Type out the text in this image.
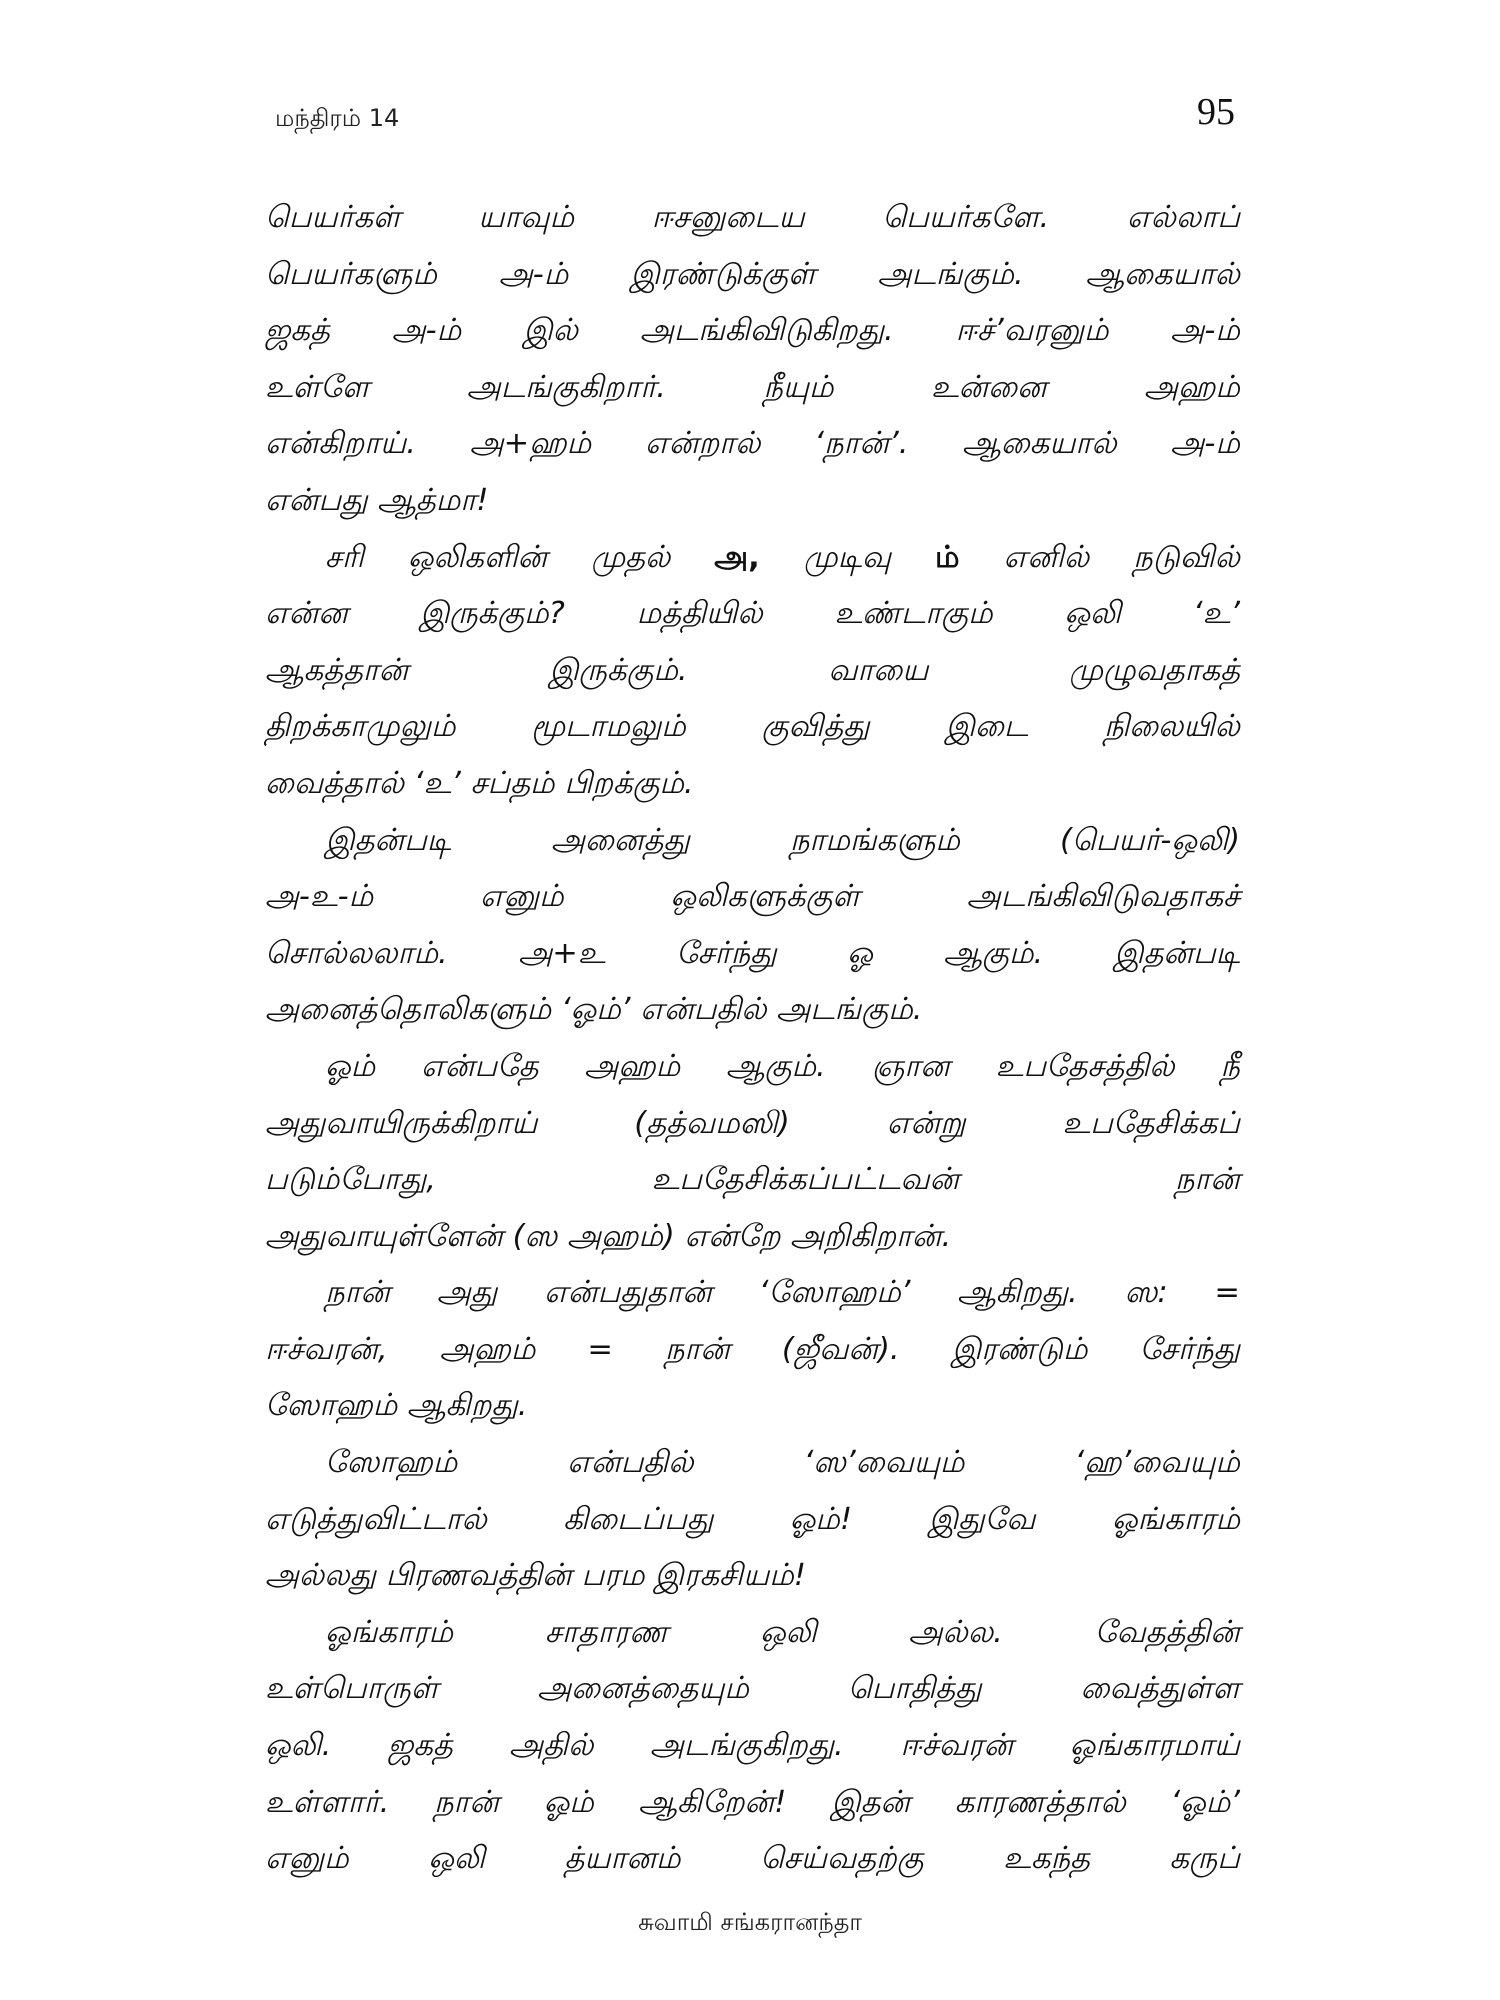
மந்திரம் 14	95
பெயர்கள்	யாவும்	ஈசனுடைய	பெயர்களே.	எல்லாப்
பெயர்களும் அ-ம் இரண்டுக்குள் அடங்கும். ஆகையால்
ஜகத் அ-ம் இல் அடங்கிவிடுகிறது. ஈச்’வரனும் அ-ம்
உள்ளே	அடங்குகிறார்.	நீயும்	உன்னை	அஹம்
என்கிறாய். அ+ஹம் என்றால் ‘நான்’. ஆகையால் அ-ம்
என்பது ஆத்மா!
சரி ஒலிகளின் முதல் அ, முடிவு ம் எனில் நடுவில்
என்ன இருக்கும்? மத்தியில் உண்டாகும் ஒலி ‘உ’
ஆகத்தான்	இருக்கும்.	வாயை	முழுவதாகத்
திறக்காமுலும் மூடாமலும் குவித்து இடை நிலையில்
வைத்தால் ‘உ’ சப்தம் பிறக்கும்.
இதன்படி	அனைத்து	நாமங்களும்	(பெயர்-ஒலி)
அ-உ-ம்	எனும்	ஒலிகளுக்குள்	அடங்கிவிடுவதாகச்
சொல்லலாம். அ+உ சேர்ந்து ஓ ஆகும். இதன்படி
அனைத்தொலிகளும் ‘ஓம்’ என்பதில் அடங்கும்.
ஓம் என்பதே அஹம் ஆகும். ஞான உபதேசத்தில் நீ
அதுவாயிருக்கிறாய்	(தத்வமஸி)	என்று	உபதேசிக்கப்
படும்போது,	உபதேசிக்கப்பட்டவன்	நான்
அதுவாயுள்ளேன் (ஸ அஹம்) என்றே அறிகிறான்.
நான் அது என்பதுதான் ‘ஸோஹம்’ ஆகிறது. ஸ: =
ஈச்வரன், அஹம் = நான் (ஜீவன்). இரண்டும் சேர்ந்து
ஸோஹம் ஆகிறது.
ஸோஹம்	என்பதில்	‘ஸ’வையும்	‘ஹ’வையும்
எடுத்துவிட்டால்	கிடைப்பது	ஓம்!	இதுவே	ஓங்காரம்
அல்லது பிரணவத்தின் பரம இரகசியம்!
ஓங்காரம்	சாதாரண	ஒலி	அல்ல.	வேதத்தின்
உள்பொருள்	அனைத்தையும்	பொதித்து	வைத்துள்ள
ஒலி. ஜகத் அதில் அடங்குகிறது. ஈச்வரன் ஓங்காரமாய்
உள்ளார். நான் ஓம் ஆகிறேன்! இதன் காரணத்தால் ‘ஓம்’
எனும்	ஒலி	த்யானம்	செய்வதற்கு	உகந்த	கருப்
சுவாமி சங்கரானந்தா
